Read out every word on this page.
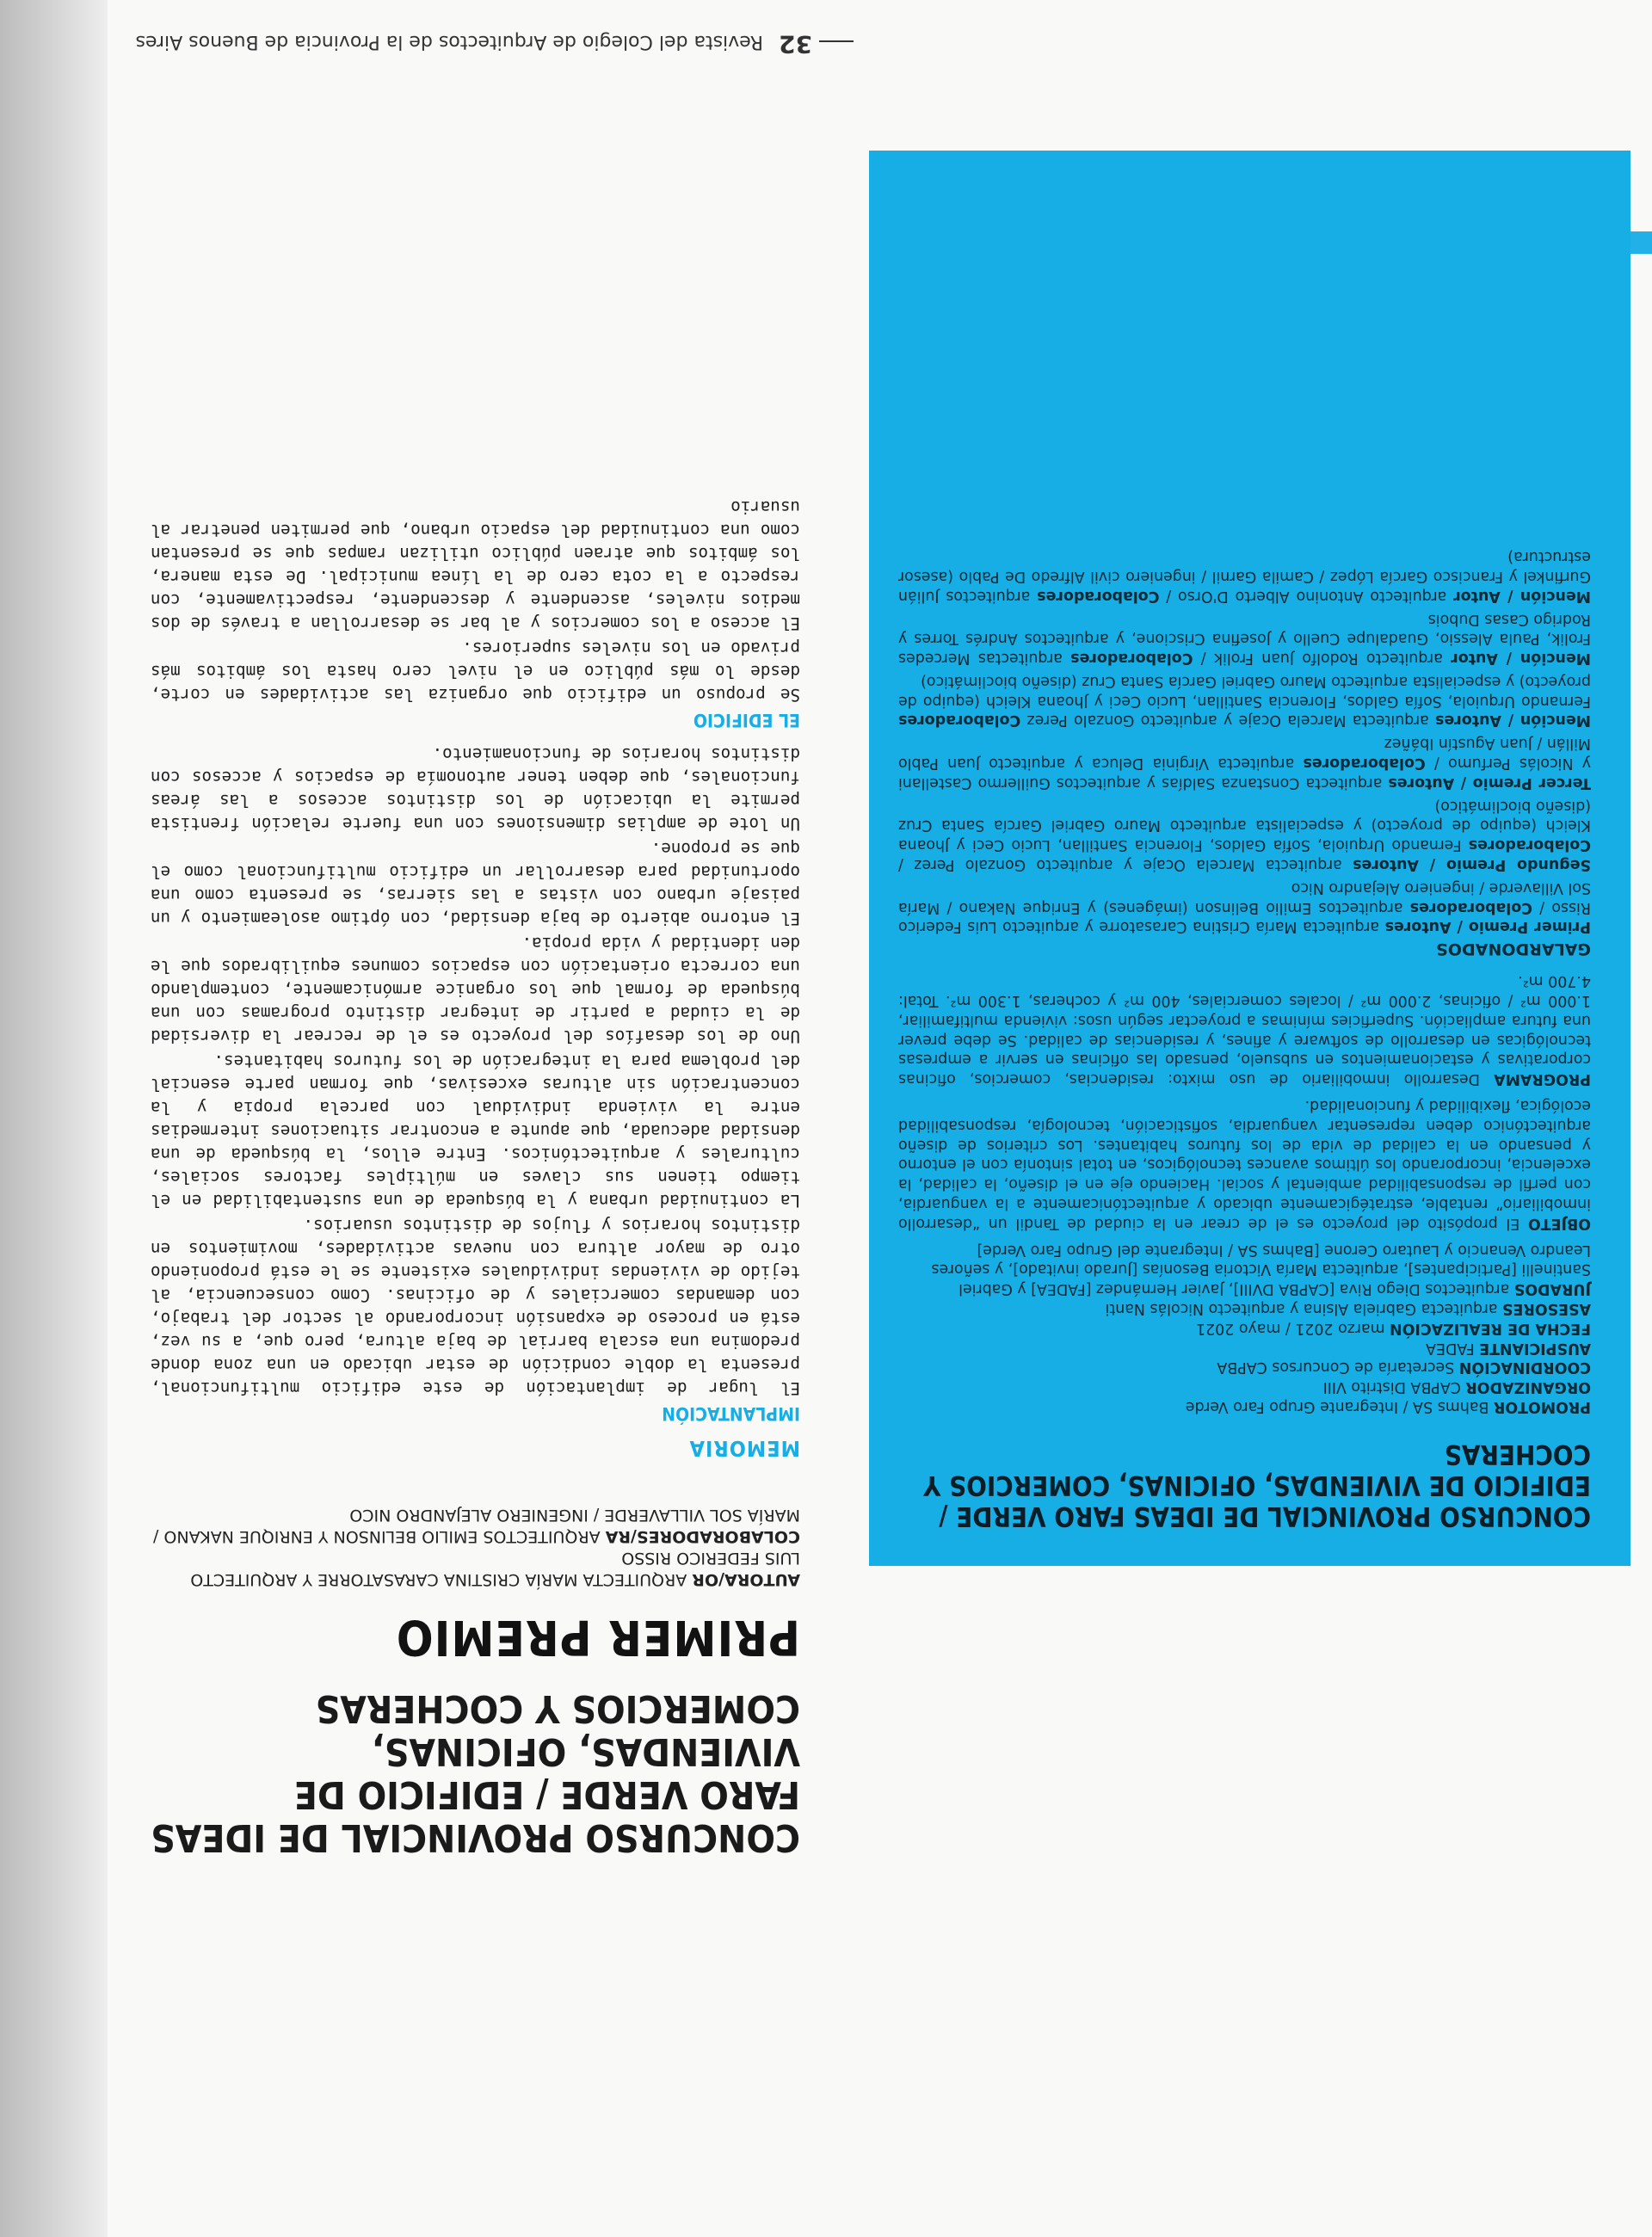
32Revista del Colegio de Arquitectos de la Provincia de Buenos Aires

CONCURSO PROVINCIAL DE IDEAS FARO VERDE / EDIFICIO DE VIVIENDAS, OFICINAS, COMERCIOS Y COCHERAS

PROMOTOR Bahms SA / Integrante Grupo Faro Verde

ORGANIZADOR CAPBA Distrito VIII

COORDINACIÓN Secretaría de Concursos CAPBA

AUSPICIANTE FADEA

FECHA DE REALIZACIÓN marzo 2021 / mayo 2021

ASESORES arquitecta Gabriela Alsina y arquitecto Nicolás Nanti

JURADOS arquitectos Diego Riva [CAPBA DVIII], Javier Hernández [FADEA] y Gabriel Santinelli [Participantes], arquitecta María Victoria Besonías [Jurado invitado], y señores Leandro Venancio y Lautaro Cerone [Bahms SA / Integrante del Grupo Faro Verde]

OBJETO El propósito del proyecto es el de crear en la ciudad de Tandil un “desarrollo inmobiliario” rentable, estratégicamente ubicado y arquitectónicamente a la vanguardia, con perfil de responsabilidad ambiental y social. Haciendo eje en el diseño, la calidad, la excelencia, incorporando los últimos avances tecnológicos, en total sintonía con el entorno y pensando en la calidad de vida de los futuros habitantes. Los criterios de diseño arquitectónico deben representar vanguardia, sofisticación, tecnología, responsabilidad ecológica, flexibilidad y funcionalidad.

PROGRAMA Desarrollo inmobiliario de uso mixto: residencias, comercios, oficinas corporativas y estacionamientos en subsuelo, pensado las oficinas en servir a empresas tecnológicas en desarrollo de software y afines, y residencias de calidad. Se debe prever una futura ampliación. Superficies mínimas a proyectar según usos: vivienda multifamiliar, 1.000 m² / oficinas, 2.000 m² / locales comerciales, 400 m² y cocheras, 1.300 m². Total: 4.700 m².

GALARDONADOS

Primer Premio / Autores arquitecta María Cristina Carasatorre y arquitecto Luis Federico Risso / Colaboradores arquitectos Emilio Belinson (imágenes) y Enrique Nakano / María Sol Villaverde / ingeniero Alejandro Nico

Segundo Premio / Autores arquitecta Marcela Ocaje y arquitecto Gonzalo Perez / Colaboradores Fernando Urquiola, Sofía Galdos, Florencia Santillan, Lucio Ceci y Jhoana Kleich (equipo de proyecto) y especialista arquitecto Mauro Gabriel García Santa Cruz (diseño bioclimático)

Tercer Premio / Autores arquitecta Constanza Saldías y arquitectos Guillermo Castellani y Nicolás Perfumo / Colaboradores arquitecta Virginia Deluca y arquitecto Juan Pablo Millán / Juan Agustín Ibáñez

Mención / Autores arquitecta Marcela Ocaje y arquitecto Gonzalo Perez Colaboradores Fernando Urquiola, Sofía Galdos, Florencia Santillan, Lucio Ceci y Jhoana Kleich (equipo de proyecto) y especialista arquitecto Mauro Gabriel García Santa Cruz (diseño bioclimático)

Mención / Autor arquitecto Rodolfo Juan Frolik / Colaboradores arquitectas Mercedes Frolik, Paula Alessio, Guadalupe Cuello y Josefina Criscione, y arquitectos Andrés Torres y Rodrigo Casas Dubois

Mención / Autor arquitecto Antonino Alberto D'Orso / Colaboradores arquitectos Julián Gurfinkel y Francisco García López / Camila Garnil / ingeniero civil Alfredo De Pablo (asesor estructura)

CONCURSO PROVINCIAL DE IDEAS FARO VERDE / EDIFICIO DE VIVIENDAS, OFICINAS, COMERCIOS Y COCHERAS
PRIMER PREMIO

AUTORA/OR ARQUITECTA MARÍA CRISTINA CARASATORRE Y ARQUITECTO LUIS FEDERICO RISSO

COLABORADORES/RA ARQUITECTOS EMILIO BELINSON Y ENRIQUE NAKANO / MARÍA SOL VILLAVERDE / INGENIERO ALEJANDRO NICO

MEMORIA
IMPLANTACIÓN

El lugar de implantación de este edificio multifuncional, presenta la doble condición de estar ubicado en una zona donde predomina una escala barrial de baja altura, pero que, a su vez, está en proceso de expansión incorporando al sector del trabajo, con demandas comerciales y de oficinas. Como consecuencia, al tejido de viviendas individuales existente se le está proponiendo otro de mayor altura con nuevas actividades, movimientos en distintos horarios y flujos de distintos usuarios.

La continuidad urbana y la búsqueda de una sustentabilidad en el tiempo tienen sus claves en múltiples factores sociales, culturales y arquitectónicos. Entre ellos, la búsqueda de una densidad adecuada, que apunte a encontrar situaciones intermedias entre la vivienda individual con parcela propia y la concentración sin alturas excesivas, que forman parte esencial del problema para la integración de los futuros habitantes.

Uno de los desafíos del proyecto es el de recrear la diversidad de la ciudad a partir de integrar distinto programas con una búsqueda de formal que los organice armónicamente, contemplando una correcta orientación con espacios comunes equilibrados que le den identidad y vida propia.

El entorno abierto de baja densidad, con óptimo asoleamiento y un paisaje urbano con vistas a las sierras, se presenta como una oportunidad para desarrollar un edificio multifuncional como el que se propone.

Un lote de amplias dimensiones con una fuerte relación frentista permite la ubicación de los distintos accesos a las áreas funcionales, que deben tener autonomía de espacios y accesos con distintos horarios de funcionamiento.

EL EDIFICIO

Se propuso un edificio que organiza las actividades en corte, desde lo más público en el nivel cero hasta los ámbitos más privado en los niveles superiores.

El acceso a los comercios y al bar se desarrollan a través de dos medios niveles, ascendente y descendente, respectivamente, con respecto a la cota cero de la línea municipal. De esta manera, los ámbitos que atraen público utilizan rampas que se presentan como una continuidad del espacio urbano, que permiten penetrar al usuario
